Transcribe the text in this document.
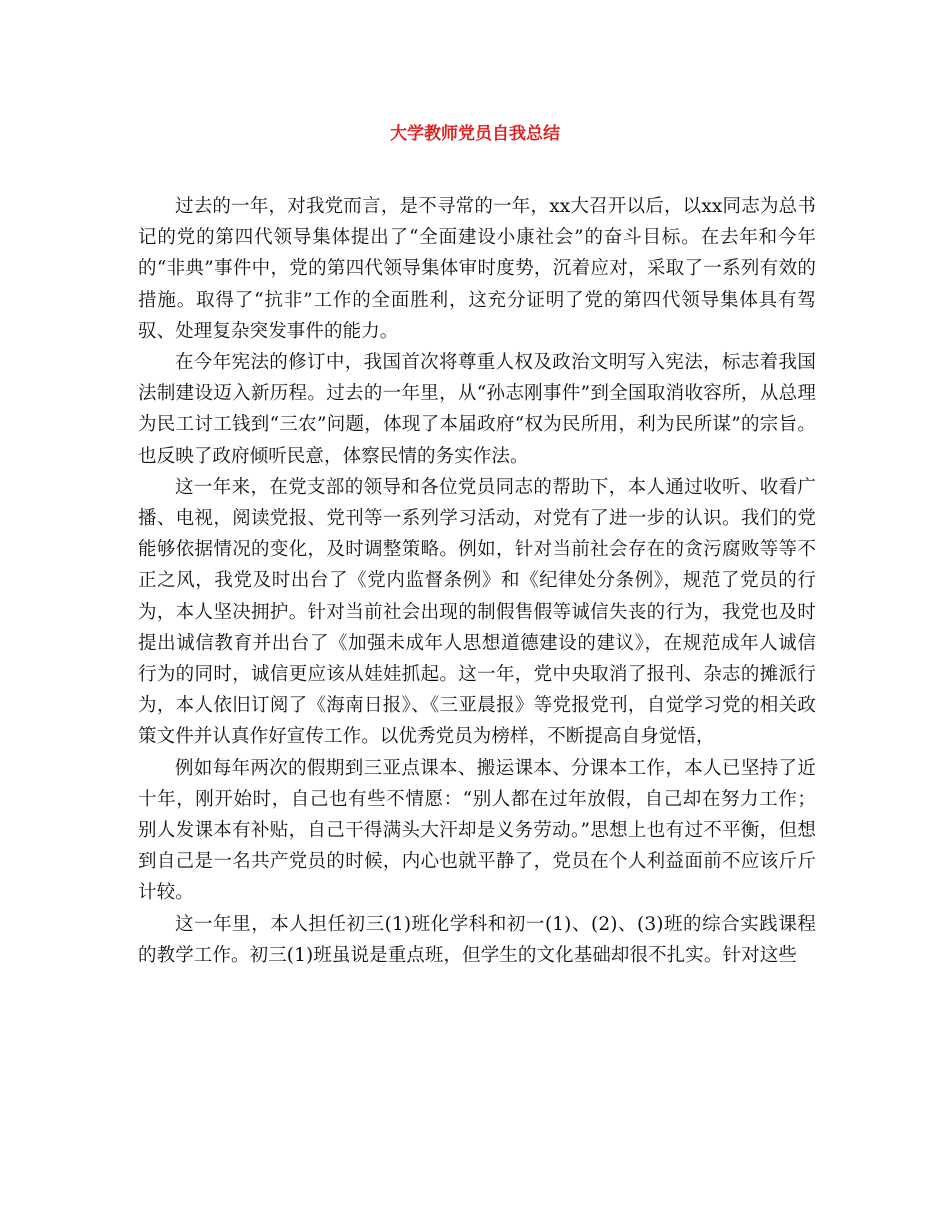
大学教师党员自我总结

过去的一年，对我党而言，是不寻常的一年，xx大召开以后，以xx同志为总书记的党的第四代领导集体提出了“全面建设小康社会”的奋斗目标。在去年和今年的“非典”事件中，党的第四代领导集体审时度势，沉着应对，采取了一系列有效的措施。取得了“抗非”工作的全面胜利，这充分证明了党的第四代领导集体具有驾驭、处理复杂突发事件的能力。

在今年宪法的修订中，我国首次将尊重人权及政治文明写入宪法，标志着我国法制建设迈入新历程。过去的一年里，从“孙志刚事件”到全国取消收容所，从总理为民工讨工钱到“三农”问题，体现了本届政府“权为民所用，利为民所谋”的宗旨。也反映了政府倾听民意，体察民情的务实作法。

这一年来，在党支部的领导和各位党员同志的帮助下，本人通过收听、收看广播、电视，阅读党报、党刊等一系列学习活动，对党有了进一步的认识。我们的党能够依据情况的变化，及时调整策略。例如，针对当前社会存在的贪污腐败等等不正之风，我党及时出台了《党内监督条例》和《纪律处分条例》，规范了党员的行为，本人坚决拥护。针对当前社会出现的制假售假等诚信失丧的行为，我党也及时提出诚信教育并出台了《加强未成年人思想道德建设的建议》，在规范成年人诚信行为的同时，诚信更应该从娃娃抓起。这一年，党中央取消了报刊、杂志的摊派行为，本人依旧订阅了《海南日报》、《三亚晨报》等党报党刊，自觉学习党的相关政策文件并认真作好宣传工作。以优秀党员为榜样，不断提高自身觉悟，

例如每年两次的假期到三亚点课本、搬运课本、分课本工作，本人已坚持了近十年，刚开始时，自己也有些不情愿：“别人都在过年放假，自己却在努力工作；别人发课本有补贴，自己干得满头大汗却是义务劳动。”思想上也有过不平衡，但想到自己是一名共产党员的时候，内心也就平静了，党员在个人利益面前不应该斤斤计较。

这一年里，本人担任初三(1)班化学科和初一(1)、(2)、(3)班的综合实践课程的教学工作。初三(1)班虽说是重点班，但学生的文化基础却很不扎实。针对这些
